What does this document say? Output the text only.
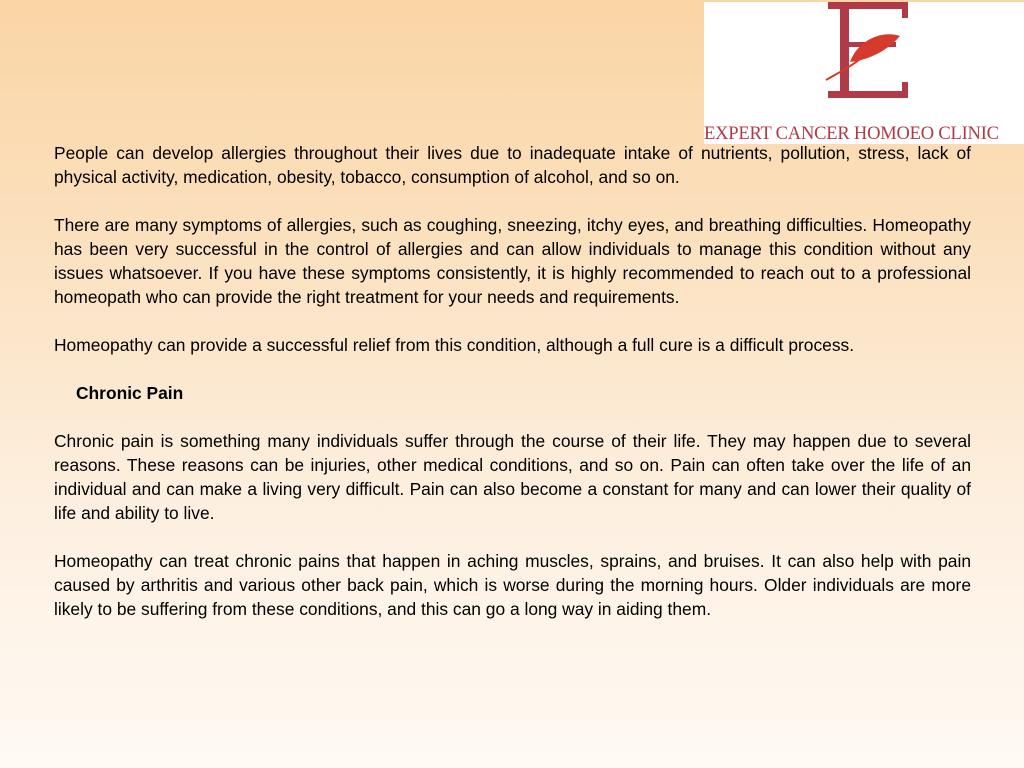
EXPERT CANCER HOMOEO CLINIC

People can develop allergies throughout their lives due to inadequate intake of nutrients, pollution, stress, lack of physical activity, medication, obesity, tobacco, consumption of alcohol, and so on.

There are many symptoms of allergies, such as coughing, sneezing, itchy eyes, and breathing difficulties. Homeopathy has been very successful in the control of allergies and can allow individuals to manage this condition without any issues whatsoever. If you have these symptoms consistently, it is highly recommended to reach out to a professional homeopath who can provide the right treatment for your needs and requirements.

Homeopathy can provide a successful relief from this condition, although a full cure is a difficult process.

Chronic Pain

Chronic pain is something many individuals suffer through the course of their life. They may happen due to several reasons. These reasons can be injuries, other medical conditions, and so on. Pain can often take over the life of an individual and can make a living very difficult. Pain can also become a constant for many and can lower their quality of life and ability to live.

Homeopathy can treat chronic pains that happen in aching muscles, sprains, and bruises. It can also help with pain caused by arthritis and various other back pain, which is worse during the morning hours. Older individuals are more likely to be suffering from these conditions, and this can go a long way in aiding them.
